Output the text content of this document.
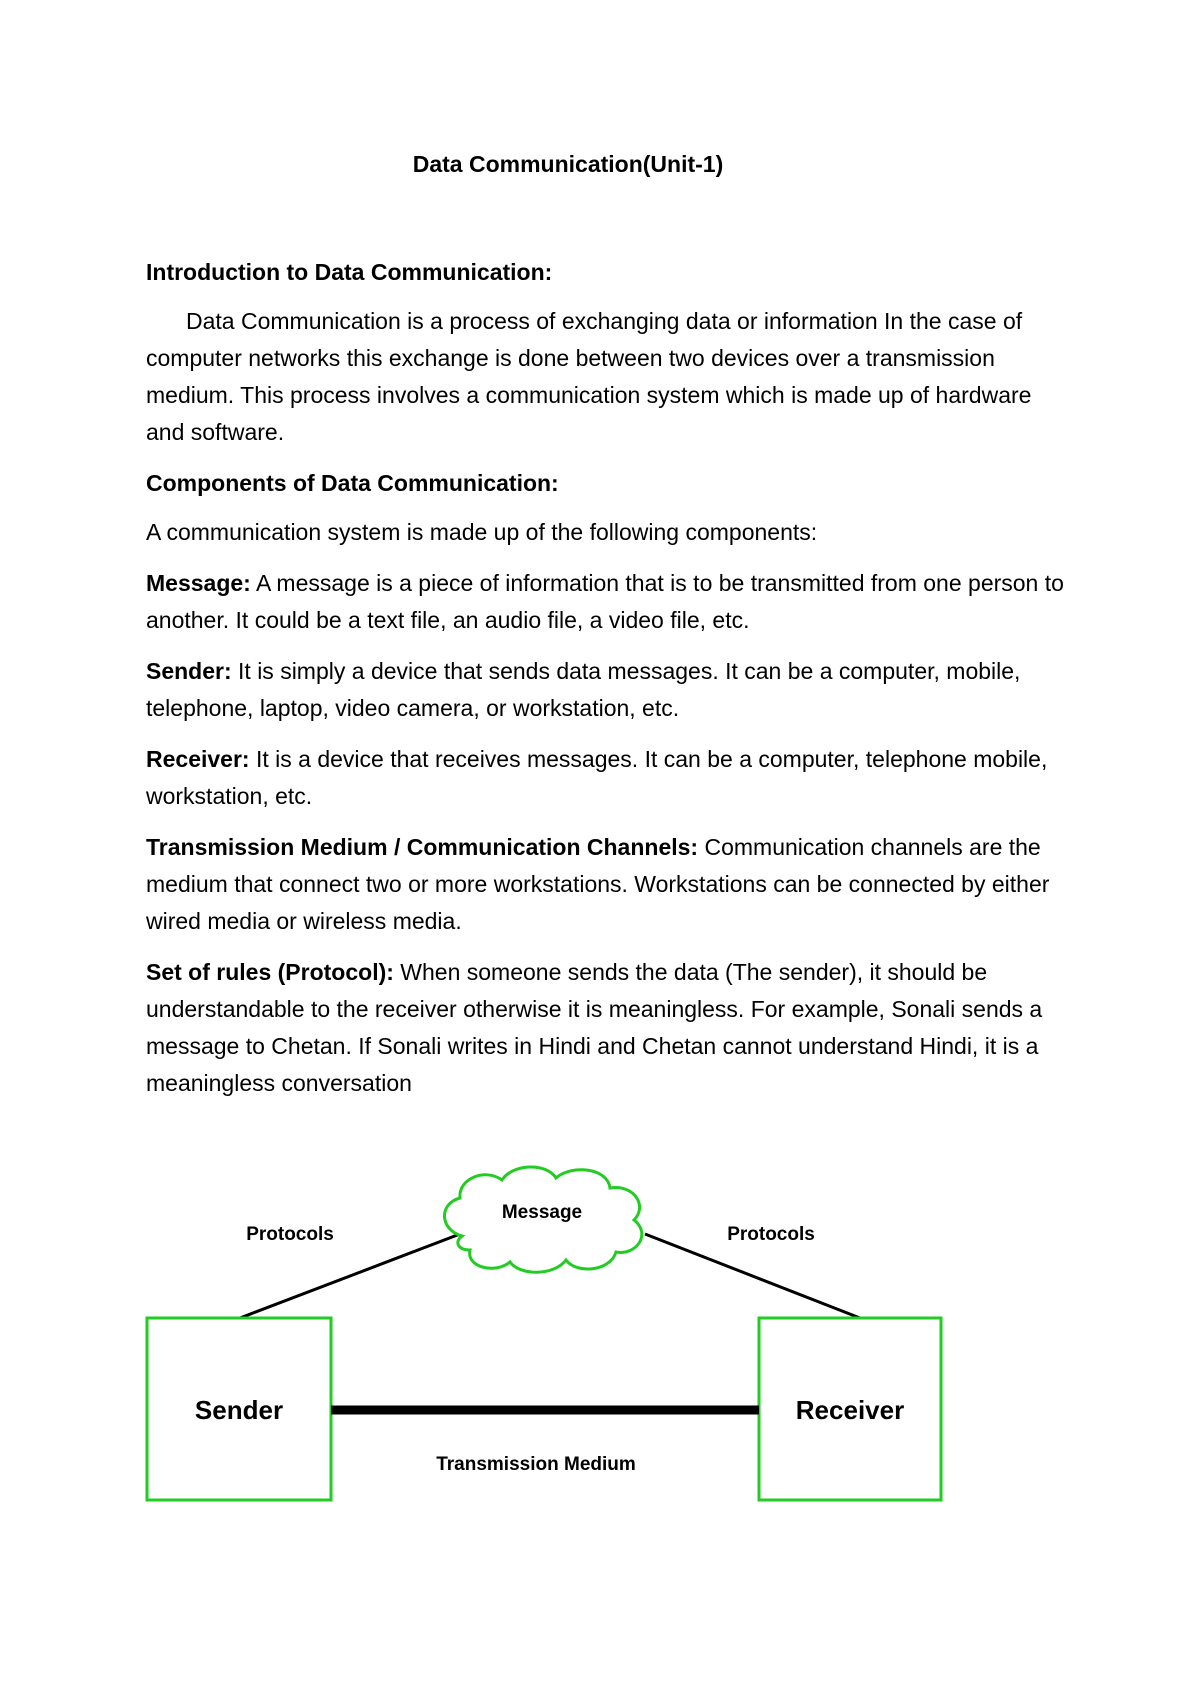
Data Communication(Unit-1)
Introduction to Data Communication:
Data Communication is a process of exchanging data or information In the case of computer networks this exchange is done between two devices over a transmission medium. This process involves a communication system which is made up of hardware and software.
Components of Data Communication:
A communication system is made up of the following components:
Message: A message is a piece of information that is to be transmitted from one person to another. It could be a text file, an audio file, a video file, etc.
Sender: It is simply a device that sends data messages. It can be a computer, mobile, telephone, laptop, video camera, or workstation, etc.
Receiver: It is a device that receives messages. It can be a computer, telephone mobile, workstation, etc.
Transmission Medium / Communication Channels: Communication channels are the medium that connect two or more workstations. Workstations can be connected by either wired media or wireless media.
Set of rules (Protocol): When someone sends the data (The sender), it should be understandable to the receiver otherwise it is meaningless. For example, Sonali sends a message to Chetan. If Sonali writes in Hindi and Chetan cannot understand Hindi, it is a meaningless conversation
Message
Protocols	Protocols
Sender	Receiver
Transmission Medium
